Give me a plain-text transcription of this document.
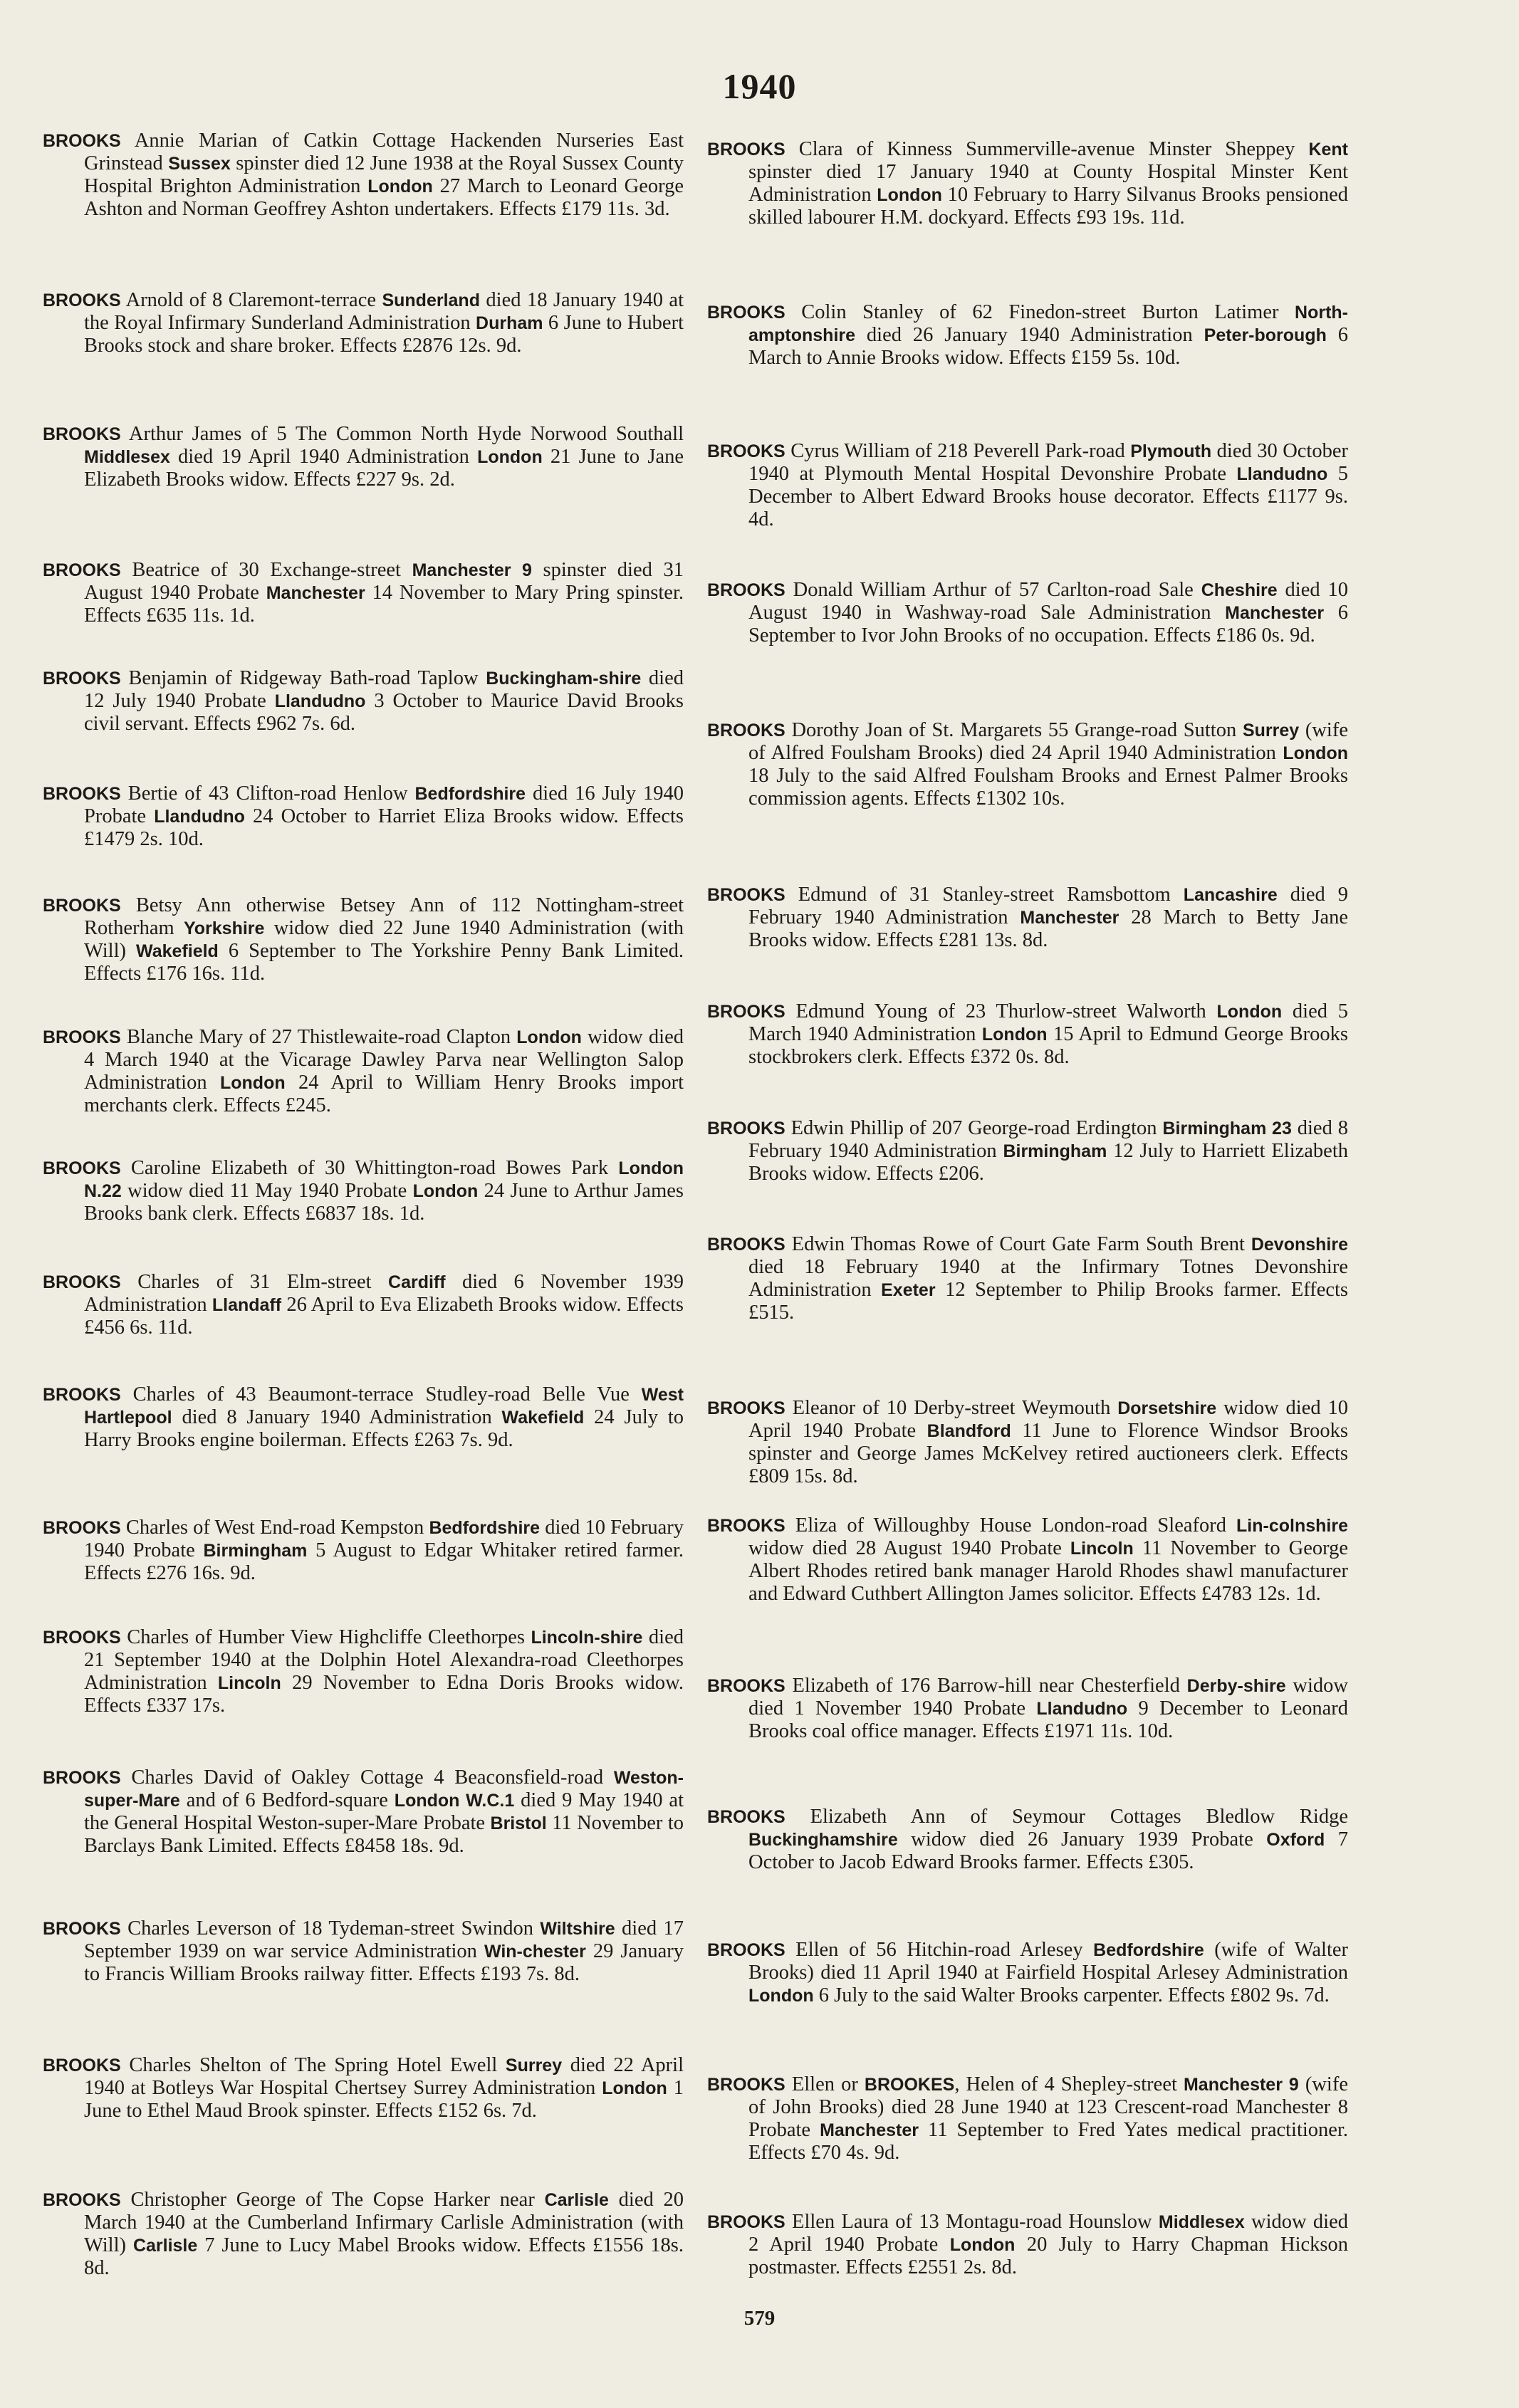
1940

BROOKS Annie Marian of Catkin Cottage Hackenden Nurseries East Grinstead Sussex spinster died 12 June 1938 at the Royal Sussex County Hospital Brighton Administration London 27 March to Leonard George Ashton and Norman Geoffrey Ashton undertakers. Effects £179 11s. 3d.

BROOKS Arnold of 8 Claremont-terrace Sunderland died 18 January 1940 at the Royal Infirmary Sunderland Administration Durham 6 June to Hubert Brooks stock and share broker. Effects £2876 12s. 9d.

BROOKS Arthur James of 5 The Common North Hyde Norwood Southall Middlesex died 19 April 1940 Administration London 21 June to Jane Elizabeth Brooks widow. Effects £227 9s. 2d.

BROOKS Beatrice of 30 Exchange-street Manchester 9 spinster died 31 August 1940 Probate Manchester 14 November to Mary Pring spinster. Effects £635 11s. 1d.

BROOKS Benjamin of Ridgeway Bath-road Taplow Buckingham-shire died 12 July 1940 Probate Llandudno 3 October to Maurice David Brooks civil servant. Effects £962 7s. 6d.

BROOKS Bertie of 43 Clifton-road Henlow Bedfordshire died 16 July 1940 Probate Llandudno 24 October to Harriet Eliza Brooks widow. Effects £1479 2s. 10d.

BROOKS Betsy Ann otherwise Betsey Ann of 112 Nottingham-street Rotherham Yorkshire widow died 22 June 1940 Administration (with Will) Wakefield 6 September to The Yorkshire Penny Bank Limited. Effects £176 16s. 11d.

BROOKS Blanche Mary of 27 Thistlewaite-road Clapton London widow died 4 March 1940 at the Vicarage Dawley Parva near Wellington Salop Administration London 24 April to William Henry Brooks import merchants clerk. Effects £245.

BROOKS Caroline Elizabeth of 30 Whittington-road Bowes Park London N.22 widow died 11 May 1940 Probate London 24 June to Arthur James Brooks bank clerk. Effects £6837 18s. 1d.

BROOKS Charles of 31 Elm-street Cardiff died 6 November 1939 Administration Llandaff 26 April to Eva Elizabeth Brooks widow. Effects £456 6s. 11d.

BROOKS Charles of 43 Beaumont-terrace Studley-road Belle Vue West Hartlepool died 8 January 1940 Administration Wakefield 24 July to Harry Brooks engine boilerman. Effects £263 7s. 9d.

BROOKS Charles of West End-road Kempston Bedfordshire died 10 February 1940 Probate Birmingham 5 August to Edgar Whitaker retired farmer. Effects £276 16s. 9d.

BROOKS Charles of Humber View Highcliffe Cleethorpes Lincoln-shire died 21 September 1940 at the Dolphin Hotel Alexandra-road Cleethorpes Administration Lincoln 29 November to Edna Doris Brooks widow. Effects £337 17s.

BROOKS Charles David of Oakley Cottage 4 Beaconsfield-road Weston-super-Mare and of 6 Bedford-square London W.C.1 died 9 May 1940 at the General Hospital Weston-super-Mare Probate Bristol 11 November to Barclays Bank Limited. Effects £8458 18s. 9d.

BROOKS Charles Leverson of 18 Tydeman-street Swindon Wiltshire died 17 September 1939 on war service Administration Win-chester 29 January to Francis William Brooks railway fitter. Effects £193 7s. 8d.

BROOKS Charles Shelton of The Spring Hotel Ewell Surrey died 22 April 1940 at Botleys War Hospital Chertsey Surrey Administration London 1 June to Ethel Maud Brook spinster. Effects £152 6s. 7d.

BROOKS Christopher George of The Copse Harker near Carlisle died 20 March 1940 at the Cumberland Infirmary Carlisle Administration (with Will) Carlisle 7 June to Lucy Mabel Brooks widow. Effects £1556 18s. 8d.

BROOKS Clara of Kinness Summerville-avenue Minster Sheppey Kent spinster died 17 January 1940 at County Hospital Minster Kent Administration London 10 February to Harry Silvanus Brooks pensioned skilled labourer H.M. dockyard. Effects £93 19s. 11d.

BROOKS Colin Stanley of 62 Finedon-street Burton Latimer North-amptonshire died 26 January 1940 Administration Peter-borough 6 March to Annie Brooks widow. Effects £159 5s. 10d.

BROOKS Cyrus William of 218 Peverell Park-road Plymouth died 30 October 1940 at Plymouth Mental Hospital Devonshire Probate Llandudno 5 December to Albert Edward Brooks house decorator. Effects £1177 9s. 4d.

BROOKS Donald William Arthur of 57 Carlton-road Sale Cheshire died 10 August 1940 in Washway-road Sale Administration Manchester 6 September to Ivor John Brooks of no occupation. Effects £186 0s. 9d.

BROOKS Dorothy Joan of St. Margarets 55 Grange-road Sutton Surrey (wife of Alfred Foulsham Brooks) died 24 April 1940 Administration London 18 July to the said Alfred Foulsham Brooks and Ernest Palmer Brooks commission agents. Effects £1302 10s.

BROOKS Edmund of 31 Stanley-street Ramsbottom Lancashire died 9 February 1940 Administration Manchester 28 March to Betty Jane Brooks widow. Effects £281 13s. 8d.

BROOKS Edmund Young of 23 Thurlow-street Walworth London died 5 March 1940 Administration London 15 April to Edmund George Brooks stockbrokers clerk. Effects £372 0s. 8d.

BROOKS Edwin Phillip of 207 George-road Erdington Birmingham 23 died 8 February 1940 Administration Birmingham 12 July to Harriett Elizabeth Brooks widow. Effects £206.

BROOKS Edwin Thomas Rowe of Court Gate Farm South Brent Devonshire died 18 February 1940 at the Infirmary Totnes Devonshire Administration Exeter 12 September to Philip Brooks farmer. Effects £515.

BROOKS Eleanor of 10 Derby-street Weymouth Dorsetshire widow died 10 April 1940 Probate Blandford 11 June to Florence Windsor Brooks spinster and George James McKelvey retired auctioneers clerk. Effects £809 15s. 8d.

BROOKS Eliza of Willoughby House London-road Sleaford Lin-colnshire widow died 28 August 1940 Probate Lincoln 11 November to George Albert Rhodes retired bank manager Harold Rhodes shawl manufacturer and Edward Cuthbert Allington James solicitor. Effects £4783 12s. 1d.

BROOKS Elizabeth of 176 Barrow-hill near Chesterfield Derby-shire widow died 1 November 1940 Probate Llandudno 9 December to Leonard Brooks coal office manager. Effects £1971 11s. 10d.

BROOKS Elizabeth Ann of Seymour Cottages Bledlow Ridge Buckinghamshire widow died 26 January 1939 Probate Oxford 7 October to Jacob Edward Brooks farmer. Effects £305.

BROOKS Ellen of 56 Hitchin-road Arlesey Bedfordshire (wife of Walter Brooks) died 11 April 1940 at Fairfield Hospital Arlesey Administration London 6 July to the said Walter Brooks carpenter. Effects £802 9s. 7d.

BROOKS Ellen or BROOKES, Helen of 4 Shepley-street Manchester 9 (wife of John Brooks) died 28 June 1940 at 123 Crescent-road Manchester 8 Probate Manchester 11 September to Fred Yates medical practitioner. Effects £70 4s. 9d.

BROOKS Ellen Laura of 13 Montagu-road Hounslow Middlesex widow died 2 April 1940 Probate London 20 July to Harry Chapman Hickson postmaster. Effects £2551 2s. 8d.

579
